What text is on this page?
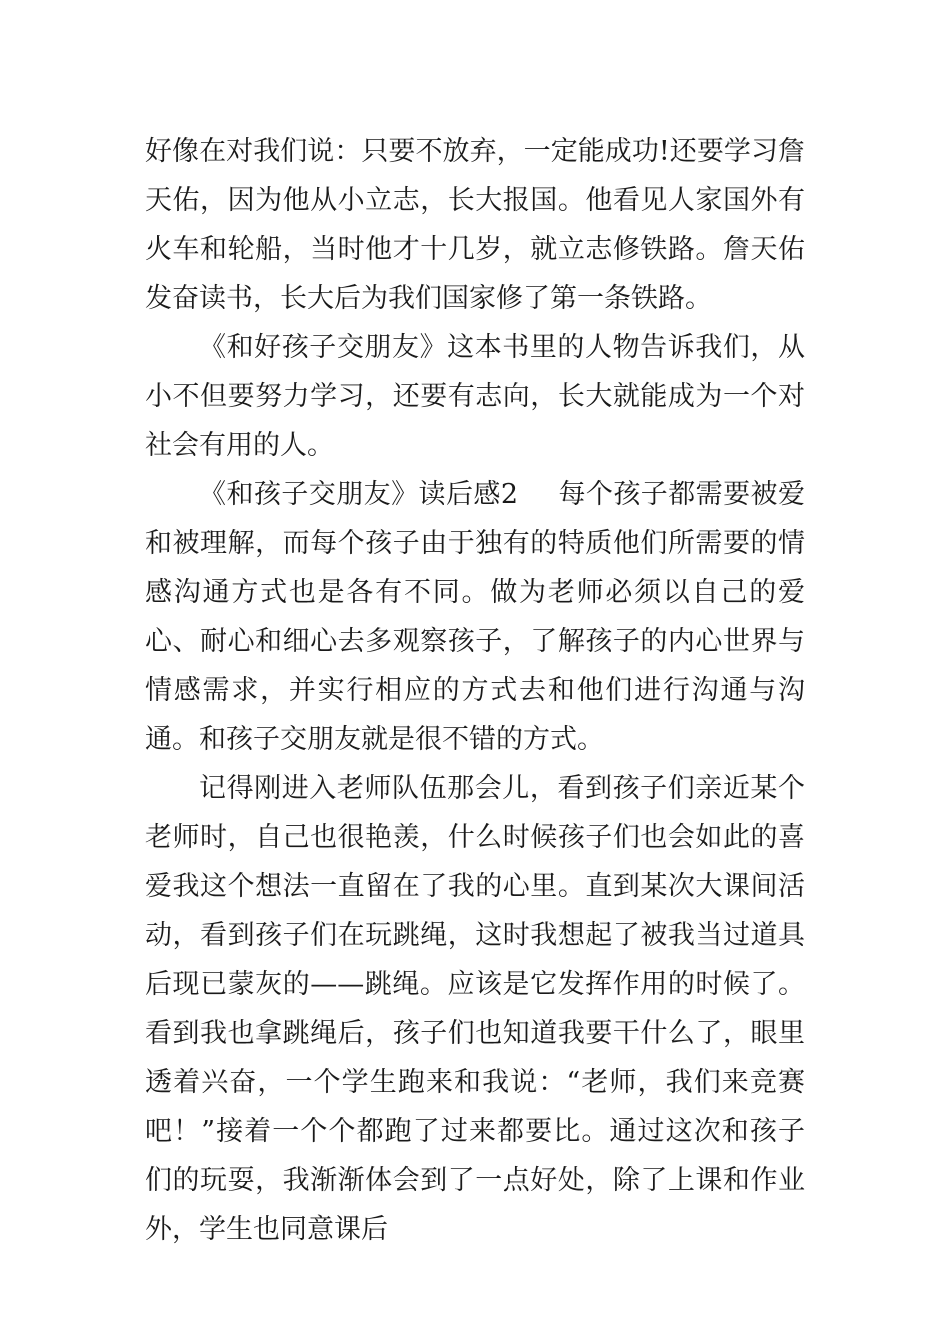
好像在对我们说：只要不放弃，一定能成功!还要学习詹天佑，因为他从小立志，长大报国。他看见人家国外有火车和轮船，当时他才十几岁，就立志修铁路。詹天佑发奋读书，长大后为我们国家修了第一条铁路。

《和好孩子交朋友》这本书里的人物告诉我们，从小不但要努力学习，还要有志向，长大就能成为一个对社会有用的人。

《和孩子交朋友》读后感2 每个孩子都需要被爱和被理解，而每个孩子由于独有的特质他们所需要的情感沟通方式也是各有不同。做为老师必须以自己的爱心、耐心和细心去多观察孩子，了解孩子的内心世界与情感需求，并实行相应的方式去和他们进行沟通与沟通。和孩子交朋友就是很不错的方式。

记得刚进入老师队伍那会儿，看到孩子们亲近某个老师时，自己也很艳羡，什么时候孩子们也会如此的喜爱我这个想法一直留在了我的心里。直到某次大课间活动，看到孩子们在玩跳绳，这时我想起了被我当过道具后现已蒙灰的——跳绳。应该是它发挥作用的时候了。看到我也拿跳绳后，孩子们也知道我要干什么了，眼里透着兴奋，一个学生跑来和我说：“老师，我们来竞赛吧！”接着一个个都跑了过来都要比。通过这次和孩子们的玩耍，我渐渐体会到了一点好处，除了上课和作业外，学生也同意课后
